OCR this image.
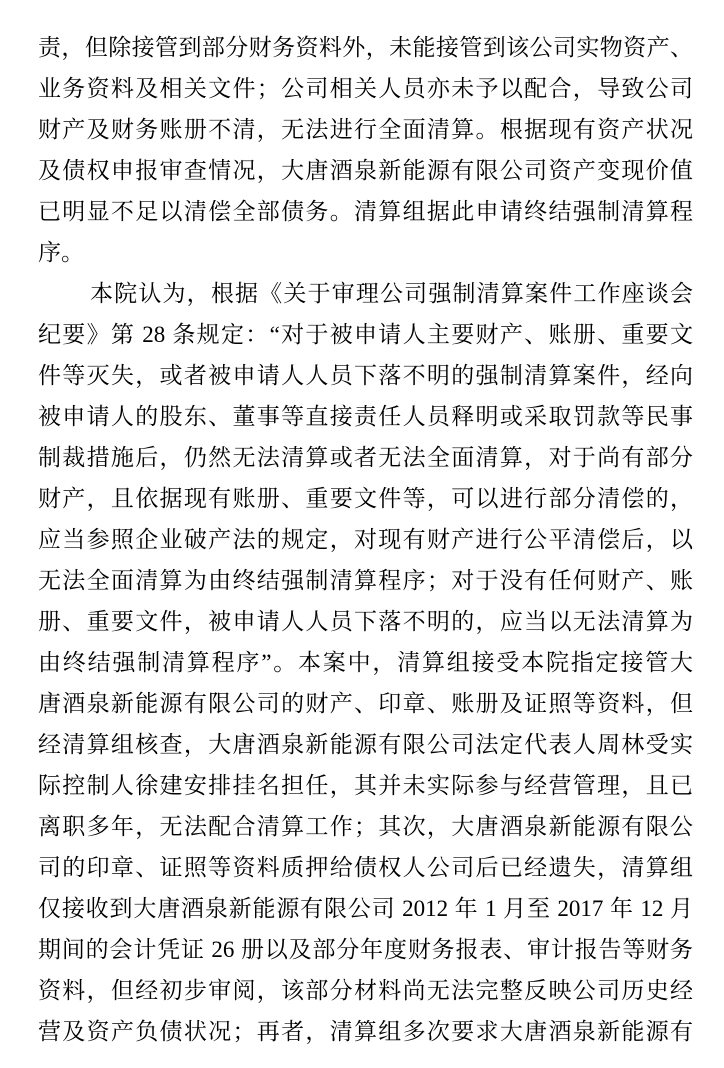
责，但除接管到部分财务资料外，未能接管到该公司实物资产、
业务资料及相关文件；公司相关人员亦未予以配合，导致公司
财产及财务账册不清，无法进行全面清算。根据现有资产状况
及债权申报审查情况，大唐酒泉新能源有限公司资产变现价值
已明显不足以清偿全部债务。清算组据此申请终结强制清算程
序。
本院认为，根据《关于审理公司强制清算案件工作座谈会
纪要》第 28 条规定：“对于被申请人主要财产、账册、重要文
件等灭失，或者被申请人人员下落不明的强制清算案件，经向
被申请人的股东、董事等直接责任人员释明或采取罚款等民事
制裁措施后，仍然无法清算或者无法全面清算，对于尚有部分
财产，且依据现有账册、重要文件等，可以进行部分清偿的，
应当参照企业破产法的规定，对现有财产进行公平清偿后，以
无法全面清算为由终结强制清算程序；对于没有任何财产、账
册、重要文件，被申请人人员下落不明的，应当以无法清算为
由终结强制清算程序”。本案中，清算组接受本院指定接管大
唐酒泉新能源有限公司的财产、印章、账册及证照等资料，但
经清算组核查，大唐酒泉新能源有限公司法定代表人周林受实
际控制人徐建安排挂名担任，其并未实际参与经营管理，且已
离职多年，无法配合清算工作；其次，大唐酒泉新能源有限公
司的印章、证照等资料质押给债权人公司后已经遗失，清算组
仅接收到大唐酒泉新能源有限公司 2012 年 1 月至 2017 年 12 月
期间的会计凭证 26 册以及部分年度财务报表、审计报告等财务
资料，但经初步审阅，该部分材料尚无法完整反映公司历史经
营及资产负债状况；再者，清算组多次要求大唐酒泉新能源有
